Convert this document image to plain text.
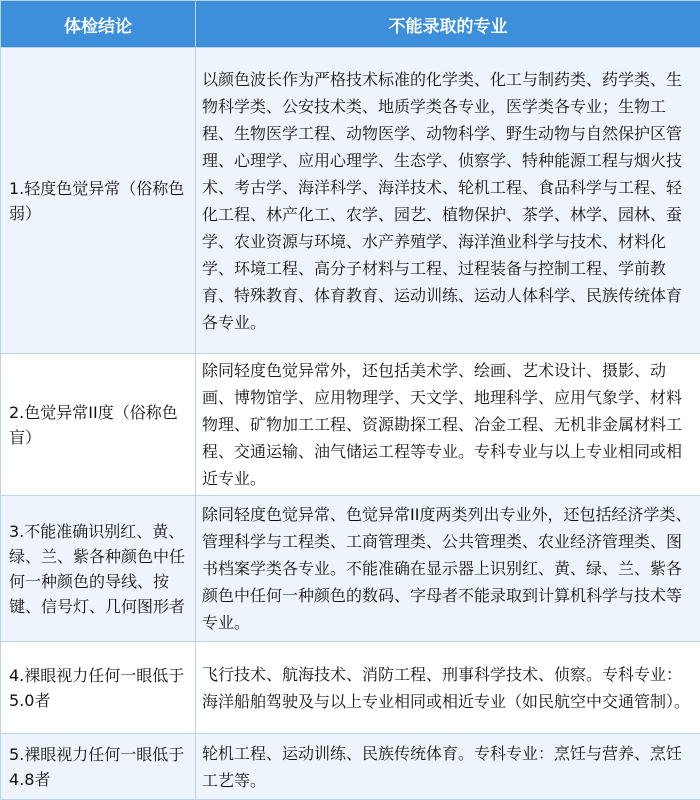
体检结论	不能录取的专业
1.轻度色觉异常（俗称色弱）	以颜色波长作为严格技术标准的化学类、化工与制药类、药学类、生物科学类、公安技术类、地质学类各专业，医学类各专业；生物工程、生物医学工程、动物医学、动物科学、野生动物与自然保护区管理、心理学、应用心理学、生态学、侦察学、特种能源工程与烟火技术、考古学、海洋科学、海洋技术、轮机工程、食品科学与工程、轻化工程、林产化工、农学、园艺、植物保护、茶学、林学、园林、蚕学、农业资源与环境、水产养殖学、海洋渔业科学与技术、材料化学、环境工程、高分子材料与工程、过程装备与控制工程、学前教育、特殊教育、体育教育、运动训练、运动人体科学、民族传统体育各专业。
2.色觉异常II度（俗称色盲）	除同轻度色觉异常外，还包括美术学、绘画、艺术设计、摄影、动画、博物馆学、应用物理学、天文学、地理科学、应用气象学、材料物理、矿物加工工程、资源勘探工程、冶金工程、无机非金属材料工程、交通运输、油气储运工程等专业。专科专业与以上专业相同或相近专业。
3.不能准确识别红、黄、绿、兰、紫各种颜色中任何一种颜色的导线、按键、信号灯、几何图形者	除同轻度色觉异常、色觉异常II度两类列出专业外，还包括经济学类、管理科学与工程类、工商管理类、公共管理类、农业经济管理类、图书档案学类各专业。不能准确在显示器上识别红、黄、绿、兰、紫各颜色中任何一种颜色的数码、字母者不能录取到计算机科学与技术等专业。
4.裸眼视力任何一眼低于5.0者	飞行技术、航海技术、消防工程、刑事科学技术、侦察。专科专业：海洋船舶驾驶及与以上专业相同或相近专业（如民航空中交通管制）。
5.裸眼视力任何一眼低于4.8者	轮机工程、运动训练、民族传统体育。专科专业：烹饪与营养、烹饪工艺等。
